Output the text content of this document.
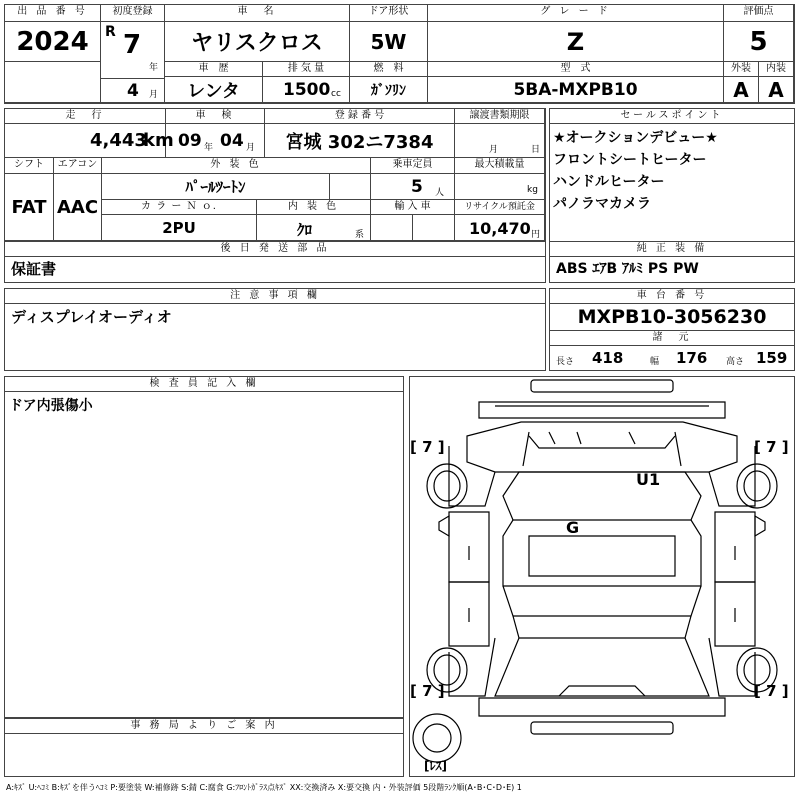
出 品 番 号
2024
初度登録
R 7
年
4 月
車　名
ヤリスクロス
ドア形状
5W
グ レ ー ド
Z
評価点
5
車　歴
レンタ
排 気 量
1500 cc
燃　料
ｶﾞｿﾘﾝ
型　式
5BA-MXPB10
外装
A
内装
A
走　行
4,443
km
車　検
09 年 04 月
登 録 番 号
宮城 302ニ7384
譲渡書類期限
月	日
シフト
FAT
エアコン
AAC
外 装 色
ﾊﾟｰﾙﾂｰﾄﾝ
乗車定員
5 人
最大積載量
kg
カ ラ ー Ｎ ｏ.
2PU
内 装 色
ｸﾛ	系
輸 入 車	リサイクル預託金
10,470 円
セールスポイント
★オークションデビュー★
フロントシートヒーター
ハンドルヒーター
パノラマカメラ
後 日 発 送 部 品
保証書
純 正 装 備
ABS ｴｱB ｱﾙﾐ PS PW
注 意 事 項 欄
ディスプレイオーディオ
車 台 番 号
MXPB10-3056230
諸　元
長さ 418	幅 176 高さ 159
検 査 員 記 入 欄
ドア内張傷小
事 務 局 よ り ご 案 内
[ 7 ]	[ 7 ]
[ 7 ]	[ 7 ]
U1
G
[ﾚｽ]
A:ｷｽﾞ U:ﾍｺﾐ B:ｷｽﾞを伴うﾍｺﾐ P:要塗装 W:補修跡 S:錆 C:腐食 G:ﾌﾛﾝﾄｶﾞﾗｽ点ｷｽﾞ XX:交換済み X:要交換 内・外装評価 5段階ﾗﾝｸ順(A･B･C･D･E) 1
